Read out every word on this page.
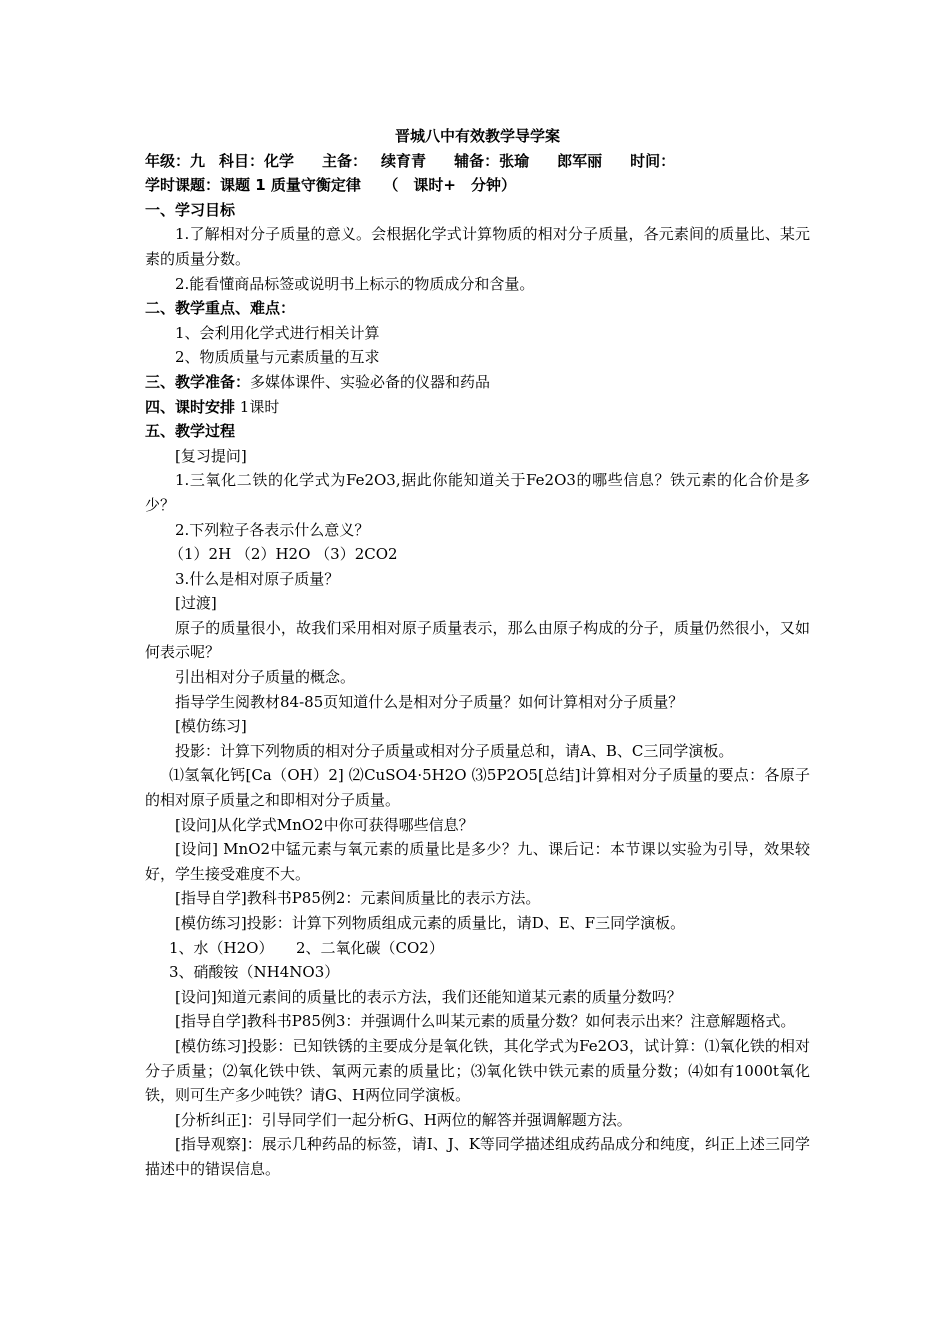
晋城八中有效教学导学案

年级：九 科目：化学 主备： 续育青 辅备：张瑜 郎军丽 时间：

学时课题：课题 1 质量守衡定律　　（　课时+　分钟）

一、学习目标

1.了解相对分子质量的意义。会根据化学式计算物质的相对分子质量，各元素间的质量比、某元素的质量分数。

2.能看懂商品标签或说明书上标示的物质成分和含量。

二、教学重点、难点：

1、会利用化学式进行相关计算

2、物质质量与元素质量的互求

三、教学准备：多媒体课件、实验必备的仪器和药品

四、课时安排 1课时

五、教学过程

[复习提问]

1.三氧化二铁的化学式为Fe2O3,据此你能知道关于Fe2O3的哪些信息？铁元素的化合价是多少？

2.下列粒子各表示什么意义？

（1）2H （2）H2O （3）2CO2

3.什么是相对原子质量？

[过渡]

原子的质量很小，故我们采用相对原子质量表示，那么由原子构成的分子，质量仍然很小，又如何表示呢？

引出相对分子质量的概念。

指导学生阅教材84-85页知道什么是相对分子质量？如何计算相对分子质量？

[模仿练习]

投影：计算下列物质的相对分子质量或相对分子质量总和，请A、B、C三同学演板。

⑴氢氧化钙[Ca（OH）2] ⑵CuSO4·5H2O ⑶5P2O5[总结]计算相对分子质量的要点：各原子的相对原子质量之和即相对分子质量。

[设问]从化学式MnO2中你可获得哪些信息？

[设问] MnO2中锰元素与氧元素的质量比是多少？九、课后记：本节课以实验为引导，效果较好，学生接受难度不大。

[指导自学]教科书P85例2：元素间质量比的表示方法。

[模仿练习]投影：计算下列物质组成元素的质量比，请D、E、F三同学演板。

1、水（H2O）　　2、二氧化碳（CO2）

3、硝酸铵（NH4NO3）

[设问]知道元素间的质量比的表示方法，我们还能知道某元素的质量分数吗？

[指导自学]教科书P85例3：并强调什么叫某元素的质量分数？如何表示出来？注意解题格式。

[模仿练习]投影：已知铁锈的主要成分是氧化铁，其化学式为Fe2O3，试计算：⑴氧化铁的相对分子质量；⑵氧化铁中铁、氧两元素的质量比；⑶氧化铁中铁元素的质量分数；⑷如有1000t氧化铁，则可生产多少吨铁？请G、H两位同学演板。

[分析纠正]：引导同学们一起分析G、H两位的解答并强调解题方法。

[指导观察]：展示几种药品的标签，请I、J、K等同学描述组成药品成分和纯度，纠正上述三同学描述中的错误信息。
